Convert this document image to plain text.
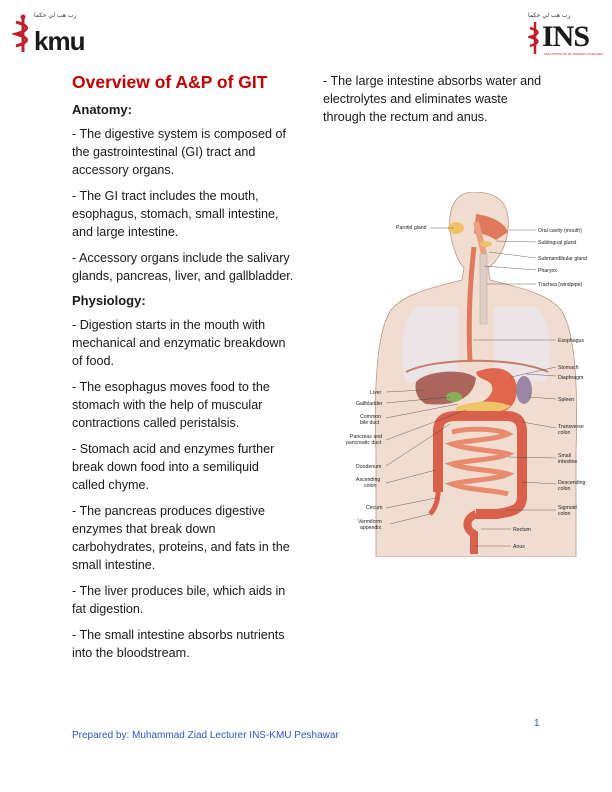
رب هب لي حكما
kmu
رب هب لي حكما
INS
KMU INSTITUTE OF NURSING SCIENCES
Overview of A&P of GIT

Anatomy:

- The digestive system is composed of the gastrointestinal (GI) tract and accessory organs.

- The GI tract includes the mouth, esophagus, stomach, small intestine, and large intestine.

- Accessory organs include the salivary glands, pancreas, liver, and gallbladder.

Physiology:

- Digestion starts in the mouth with mechanical and enzymatic breakdown of food.

- The esophagus moves food to the stomach with the help of muscular contractions called peristalsis.

- Stomach acid and enzymes further break down food into a semiliquid called chyme.

- The pancreas produces digestive enzymes that break down carbohydrates, proteins, and fats in the small intestine.

- The liver produces bile, which aids in fat digestion.

- The small intestine absorbs nutrients into the bloodstream.

- The large intestine absorbs water and electrolytes and eliminates waste through the rectum and anus.

Parotid gland
Liver
Gallbladder
Common
bile duct
Pancreas and
pancreatic duct
Duodenum
Ascending
colon
Cecum
Vermiform
appendix
Oral cavity (mouth)
Sublingual gland
Submandibular gland
Pharynx
Trachea (windpipe)
Esophagus
Stomach
Diaphragm
Spleen
Transverse
colon
Small
intestine
Descending
colon
Sigmoid
colon
Rectum
Anus
1
Prepared by: Muhammad Ziad Lecturer INS-KMU Peshawar
